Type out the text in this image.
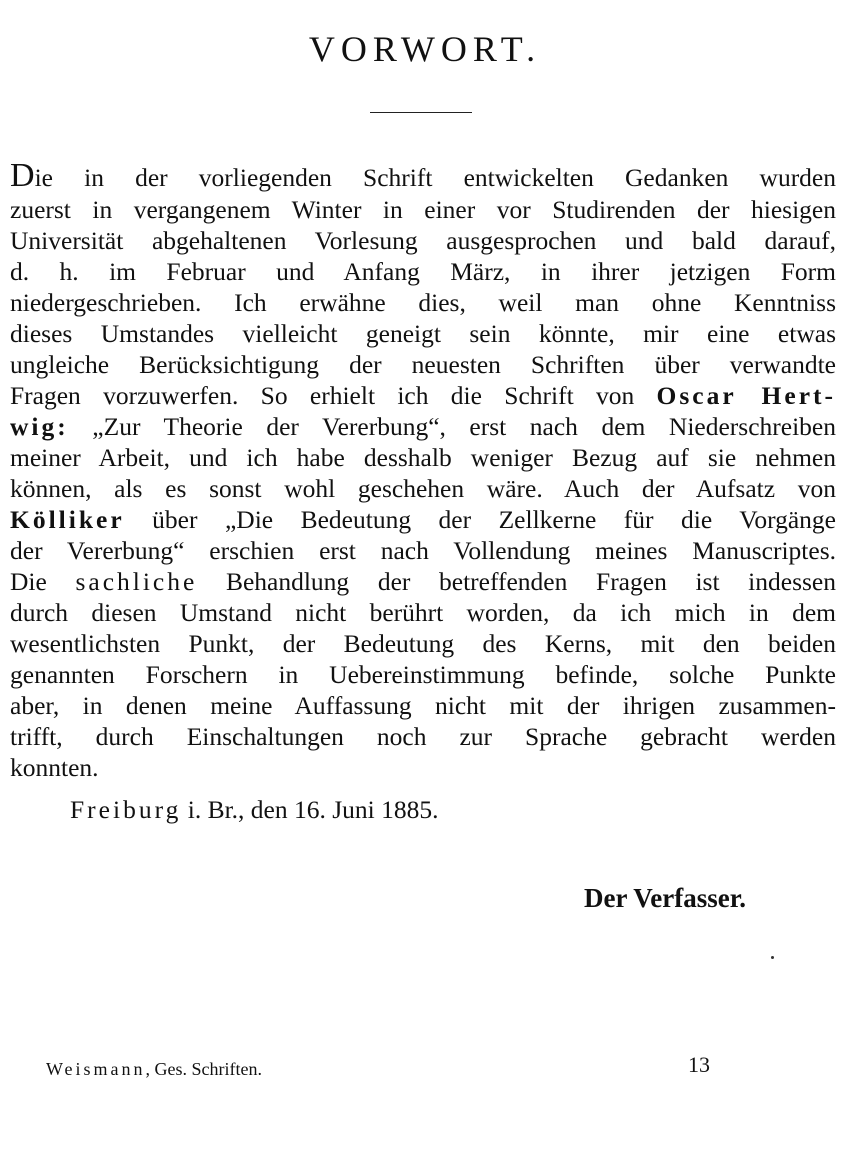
VORWORT.
Die in der vorliegenden Schrift entwickelten Gedanken wurden
zuerst in vergangenem Winter in einer vor Studirenden der hiesigen
Universität abgehaltenen Vorlesung ausgesprochen und bald darauf,
d. h. im Februar und Anfang März, in ihrer jetzigen Form
niedergeschrieben. Ich erwähne dies, weil man ohne Kenntniss
dieses Umstandes vielleicht geneigt sein könnte, mir eine etwas
ungleiche Berücksichtigung der neuesten Schriften über verwandte
Fragen vorzuwerfen. So erhielt ich die Schrift von Oscar Hert-
wig: „Zur Theorie der Vererbung“, erst nach dem Niederschreiben
meiner Arbeit, und ich habe desshalb weniger Bezug auf sie nehmen
können, als es sonst wohl geschehen wäre. Auch der Aufsatz von
Kölliker über „Die Bedeutung der Zellkerne für die Vorgänge
der Vererbung“ erschien erst nach Vollendung meines Manuscriptes.
Die sachliche Behandlung der betreffenden Fragen ist indessen
durch diesen Umstand nicht berührt worden, da ich mich in dem
wesentlichsten Punkt, der Bedeutung des Kerns, mit den beiden
genannten Forschern in Uebereinstimmung befinde, solche Punkte
aber, in denen meine Auffassung nicht mit der ihrigen zusammen-
trifft, durch Einschaltungen noch zur Sprache gebracht werden
konnten.
Freiburg i. Br., den 16. Juni 1885.
Der Verfasser.
Weismann, Ges. Schriften.	13
